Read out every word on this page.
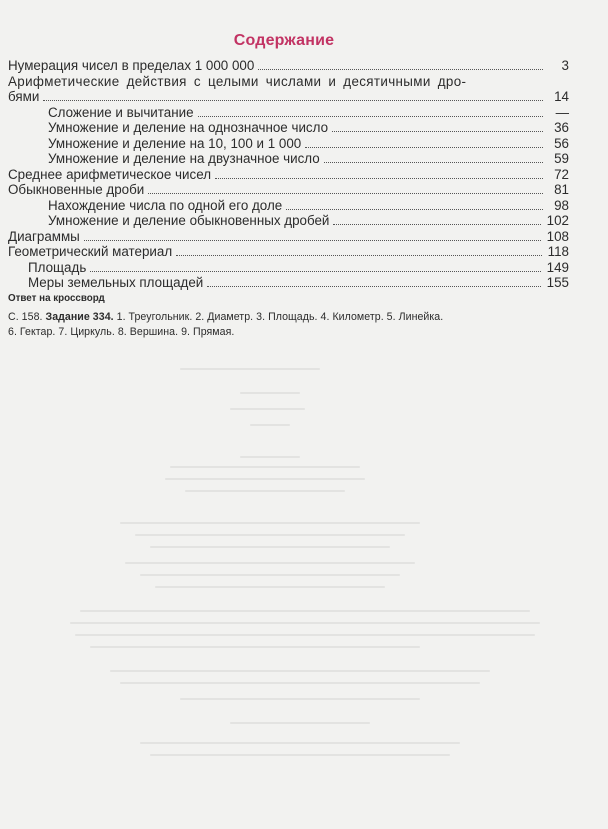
Содержание
Нумерация чисел в пределах 1 000 000	3
Арифметические действия с целыми числами и десятичными дро-
бями	14
Сложение и вычитание	—
Умножение и деление на однозначное число	36
Умножение и деление на 10, 100 и 1 000	56
Умножение и деление на двузначное число	59
Среднее арифметическое чисел	72
Обыкновенные дроби	81
Нахождение числа по одной его доле	98
Умножение и деление обыкновенных дробей	102
Диаграммы	108
Геометрический материал	118
Площадь	149
Меры земельных площадей	155
Ответ на кроссворд
С. 158. Задание 334. 1. Треугольник. 2. Диаметр. 3. Площадь. 4. Километр. 5. Линейка.
6. Гектар. 7. Циркуль. 8. Вершина. 9. Прямая.
